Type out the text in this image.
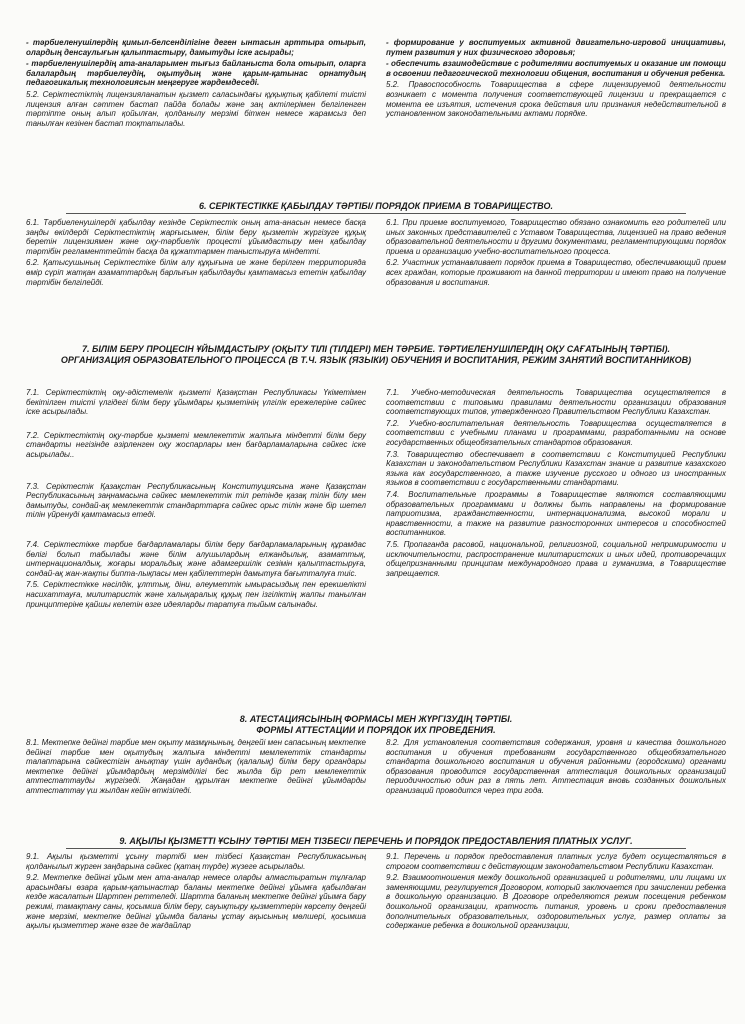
- тәрбиеленушілердің қимыл-белсенділігіне деген ынтасын арттыра отырып, олардың денсаулығын қалыптастыру, дамытуды іске асырады;

- тәрбиеленушілердің ата-аналарымен тығыз байланыста бола отырып, оларға балалардың тәрбиелеудің, оқытудың және қарым-қатынас орнатудың педагогикалық технологиясын меңгеруге жәрдемдеседі.

5.2. Серіктестіктің лицензияланатын қызмет саласындағы құқықтық қабілеті тиісті лицензия алған сәттен бастап пайда болады және заң актілерімен белгіленген тәртіпте оның алып қойылған, қолданылу мерзімі біткен немесе жарамсыз деп танылған кезінен бастап тоқтатылады.

- формирование у воспитуемых активной двигательно-игровой инициативы, путем развития у них физического здоровья;

- обеспечить взаимодействие с родителями воспитуемых и оказание им помощи в освоении педагогической технологии общения, воспитания и обучения ребенка.

5.2. Правоспособность Товарищества в сфере лицензируемой деятельности возникает с момента получения соответствующей лицензии и прекращается с момента ее изъятия, истечения срока действия или признания недействительной в установленном законодательными актами порядке.

6. СЕРІКТЕСТІККЕ ҚАБЫЛДАУ ТӘРТІБІ/ ПОРЯДОК ПРИЕМА В ТОВАРИЩЕСТВО.

6.1. Тәрбиеленушілерді қабылдау кезінде Серіктестік оның ата-анасын немесе басқа заңды өкілдерді Серіктестіктің жарғысымен, білім беру қызметін жүргізуге құқық беретін лицензиямен және оқу-тәрбиелік процесті ұйымдастыру мен қабылдау тәртібін регламенттейтін басқа да құжаттармен таныстыруға міндетті.

6.2. Қатысушының Серіктестіке білім алу құқығына ие және берілген территорияда өмір сүріп жатқан азаматтардың барлығын қабылдауды қамтамасыз ететін қабылдау тәртібін белгілейді.

6.1. При приеме воспитуемого, Товарищество обязано ознакомить его родителей или иных законных представителей с Уставом Товарищества, лицензией на право ведения образовательной деятельности и другими документами, регламентирующими порядок приема и организацию учебно-воспитательного процесса.

6.2. Участник устанавливает порядок приема в Товарищество, обеспечивающий прием всех граждан, которые проживают на данной территории и имеют право на получение образования и воспитания.

7. БІЛІМ БЕРУ ПРОЦЕСІН ҰЙЫМДАСТЫРУ (ОҚЫТУ ТІЛІ (ТІЛДЕРІ) МЕН ТӘРБИЕ. ТӘРТИЕЛЕНУШІЛЕРДІҢ ОҚУ САҒАТЫНЫҢ ТӘРТІБІ).
ОРГАНИЗАЦИЯ ОБРАЗОВАТЕЛЬНОГО ПРОЦЕССА (В Т.Ч. ЯЗЫК (ЯЗЫКИ) ОБУЧЕНИЯ И ВОСПИТАНИЯ, РЕЖИМ ЗАНЯТИЙ ВОСПИТАННИКОВ)

7.1. Серіктестіктің оқу-әдістемелік қызметі Қазақстан Республикасы Үкіметімен бекітілген тиісті үлгідегі білім беру ұйымдары қызметінің үлгілік ережелеріне сәйкес іске асырылады.

7.2. Серіктестіктің оқу-тәрбие қызметі мемлекеттік жалпыға міндетті білім беру стандарты негізінде әзірленген оқу жоспарлары мен бағдарламаларына сәйкес іске асырылады..

7.3. Серіктестік Қазақстан Республикасының Конституциясына және Қазақстан Республикасының заңнамасына сәйкес мемлекеттік тіл ретінде қазақ тілін білу мен дамытуды, сондай-ақ мемлекеттік стандарттарға сәйкес орыс тілін және бір шетел тілін үйренуді қамтамасыз етеді.

7.4. Серіктестікке тәрбие бағдарламалары білім беру бағдарламаларының құрамдас бөлігі болып табылады және білім алушылардың елжандылық, азаматтық, интернационалдық, жоғары моральдық және адамгершілік сезімін қалыптастыруға, сондай-ақ жан-жақты бипта-лықпасы мен қабілеттерін дамытуға бағытталуға тиіс.

7.5. Серіктестікке нәсілдік, ұлттық, діни, әлеуметтік ымырасыздық пен ерекшелікті насихаттауға, милитаристік және халықаралық құқық пен ізгіліктің жалпы танылған принциптеріне қайшы келетін өзге идеяларды таратуға тыйым салынады.

7.1. Учебно-методическая деятельность Товарищества осуществляется в соответствии с типовыми правилами деятельности организации образования соответствующих типов, утвержденного Правительством Республики Казахстан.

7.2. Учебно-воспитательная деятельность Товарищества осуществляется в соответствии с учебными планами и программами, разработанными на основе государственных общеобязательных стандартов образования.

7.3. Товарищество обеспечивает в соответствии с Конституцией Республики Казахстан и законодательством Республики Казахстан знание и развитие казахского языка как государственного, а также изучение русского и одного из иностранных языков в соответствии с государственными стандартами.

7.4. Воспитательные программы в Товариществе являются составляющими образовательных программами и должны быть направлены на формирование патриотизма, гражданственности, интернационализма, высокой морали и нравственности, а также на развитие разносторонних интересов и способностей воспитанников.

7.5. Пропаганда расовой, национальной, религиозной, социальной непримиримости и исключительности, распространение милитаристских и иных идей, противоречащих общепризнанными принципам международного права и гуманизма, в Товариществе запрещается.

8. АТЕСТАЦИЯСЫНЫҢ ФОРМАСЫ МЕН ЖҮРГІЗУДІҢ ТӘРТІБІ.
ФОРМЫ АТТЕСТАЦИИ И ПОРЯДОК ИХ ПРОВЕДЕНИЯ.

8.1. Мектепке дейінгі тәрбие мен оқыту мазмұнының, деңгейі мен сапасының мектепке дейінгі тәрбие мен оқытудың жалпыға міндетті мемлекеттік стандарты талаптарына сәйкестігін анықтау үшін аудандық (қалалық) білім беру органдары мектепке дейінгі ұйымдардың мерзімділігі бес жылда бір рет мемлекеттік аттестаттауды жүргізеді. Жаңадан құрылған мектепке дейінгі ұйымдарды аттестаттау үш жылдан кейін өткізіледі.

8.2. Для установления соответствия содержания, уровня и качества дошкольного воспитания и обучения требованиям государственного общеобязательного стандарта дошкольного воспитания и обучения районными (городскими) органами образования проводится государственная аттестация дошкольных организаций периодичностью один раз в пять лет. Аттестация вновь созданных дошкольных организаций проводится через три года.

9. АҚЫЛЫ ҚЫЗМЕТТІ ҰСЫНУ ТӘРТІБІ МЕН ТІЗБЕСІ/ ПЕРЕЧЕНЬ И ПОРЯДОК ПРЕДОСТАВЛЕНИЯ ПЛАТНЫХ УСЛУГ.

9.1. Ақылы қызметті ұсыну тәртібі мен тізбесі Қазақстан Республикасының қолданылып жүрген заңдарына сәйкес (қатаң түрде) жүзеге асырылады.

9.2. Мектепке дейінгі ұйым мен ата-аналар немесе оларды алмастыратын тұлғалар арасындағы өзара қарым-қатынастар баланы мектепке дейінгі ұйымға қабылдаған кезде жасалатын Шартпен реттеледі. Шартта баланың мектепке дейінгі ұйымға бару режимі, тамақтану саны, қосымша білім беру, сауықтыру қызметтерін көрсету деңгейі және мерзімі, мектепке дейінгі ұйымда баланы ұстау ақысының мөлшері, қосымша ақылы қызметтер және өзге де жағдайлар

9.1. Перечень и порядок предоставления платных услуг будет осуществляться в строгом соответствии с действующим законодательством Республики Казахстан.

9.2. Взаимоотношения между дошкольной организацией и родителями, или лицами их заменяющими, регулируется Договором, который заключается при зачислении ребенка в дошкольную организацию. В Договоре определяются режим посещения ребенком дошкольной организации, кратность питания, уровень и сроки предоставления дополнительных образовательных, оздоровительных услуг, размер оплаты за содержание ребенка в дошкольной организации,
